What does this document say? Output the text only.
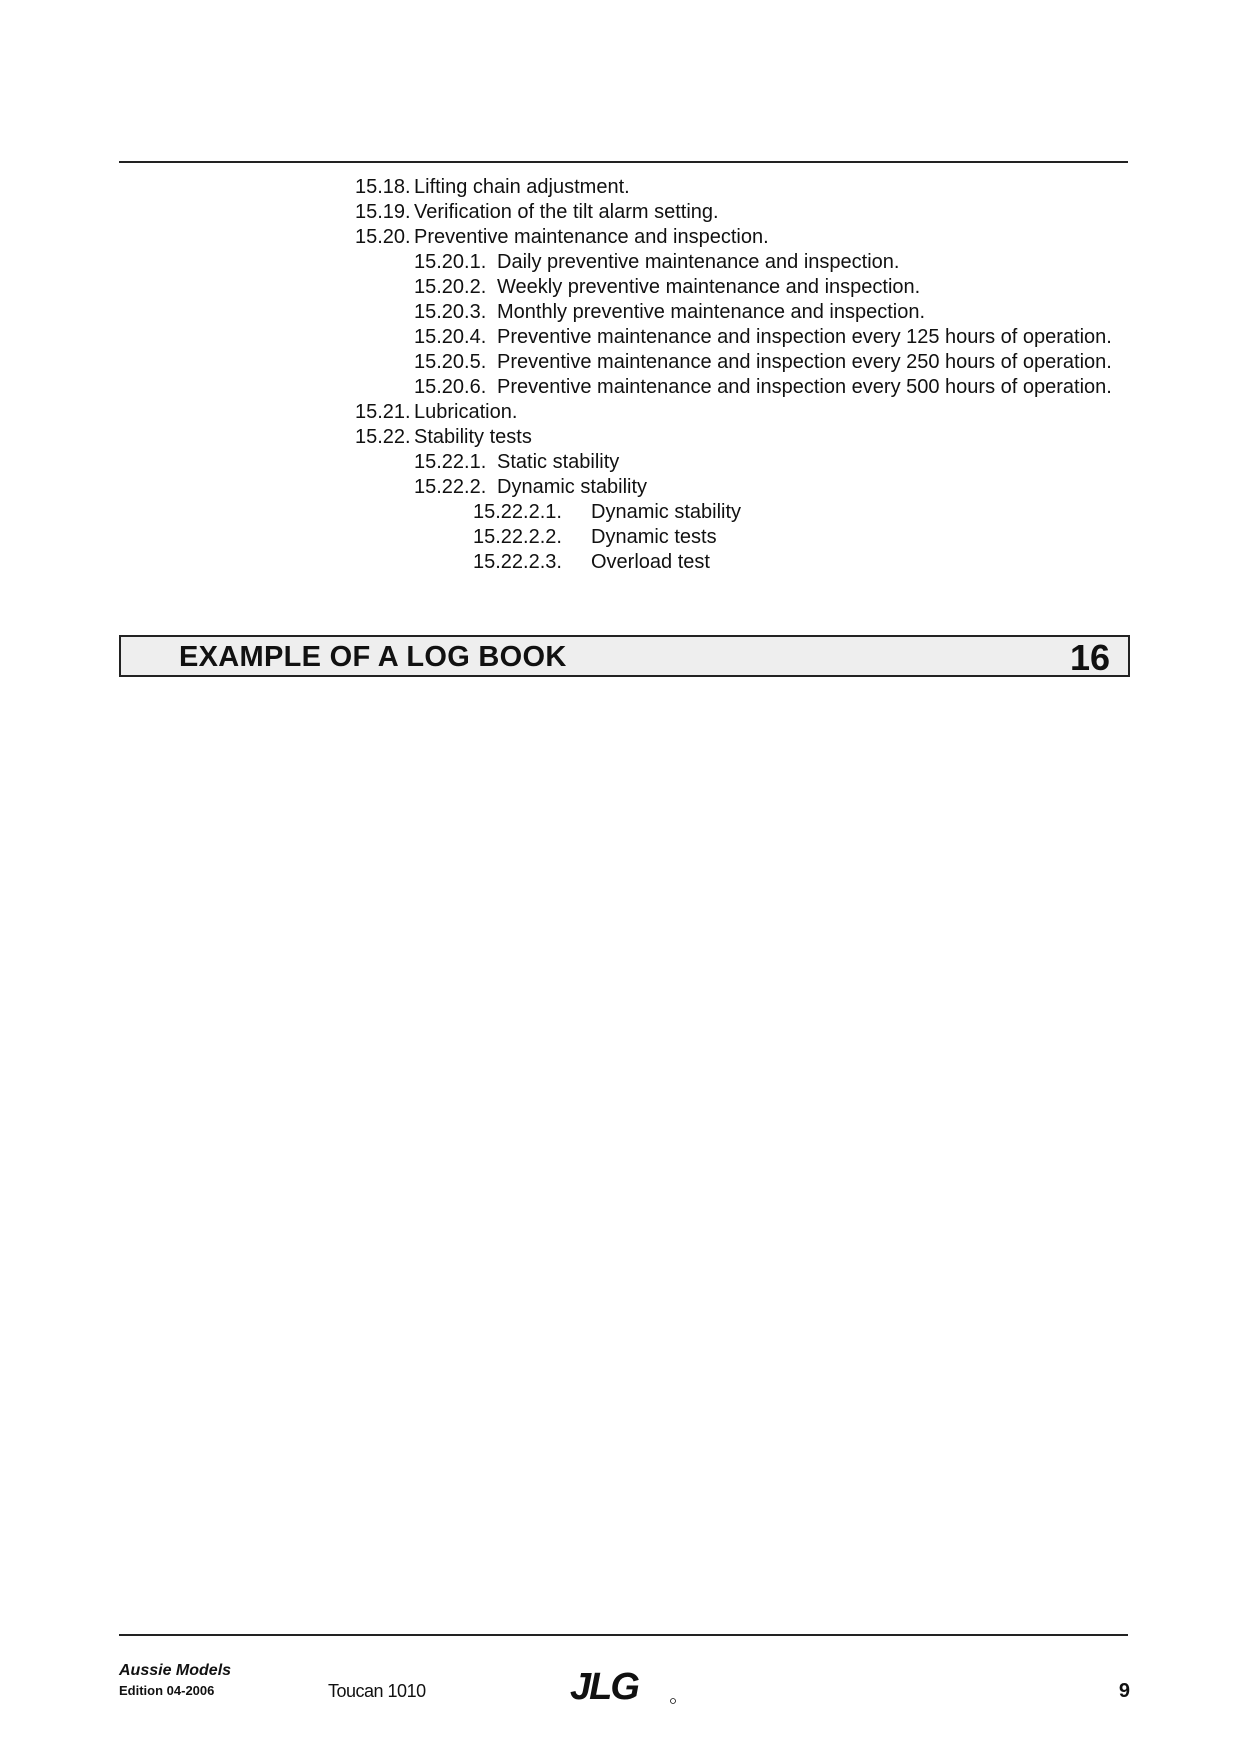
15.18. Lifting chain adjustment.
15.19. Verification of the tilt alarm setting.
15.20. Preventive maintenance and inspection.
15.20.1. Daily preventive maintenance and inspection.
15.20.2. Weekly preventive maintenance and inspection.
15.20.3. Monthly preventive maintenance and inspection.
15.20.4. Preventive maintenance and inspection every 125 hours of operation.
15.20.5. Preventive maintenance and inspection every 250 hours of operation.
15.20.6. Preventive maintenance and inspection every 500 hours of operation.
15.21. Lubrication.
15.22. Stability tests
15.22.1. Static stability
15.22.2. Dynamic stability
15.22.2.1. Dynamic stability
15.22.2.2. Dynamic tests
15.22.2.3. Overload test
EXAMPLE OF A LOG BOOK	16
Aussie Models
Edition 04-2006	Toucan 1010	JLG	9
